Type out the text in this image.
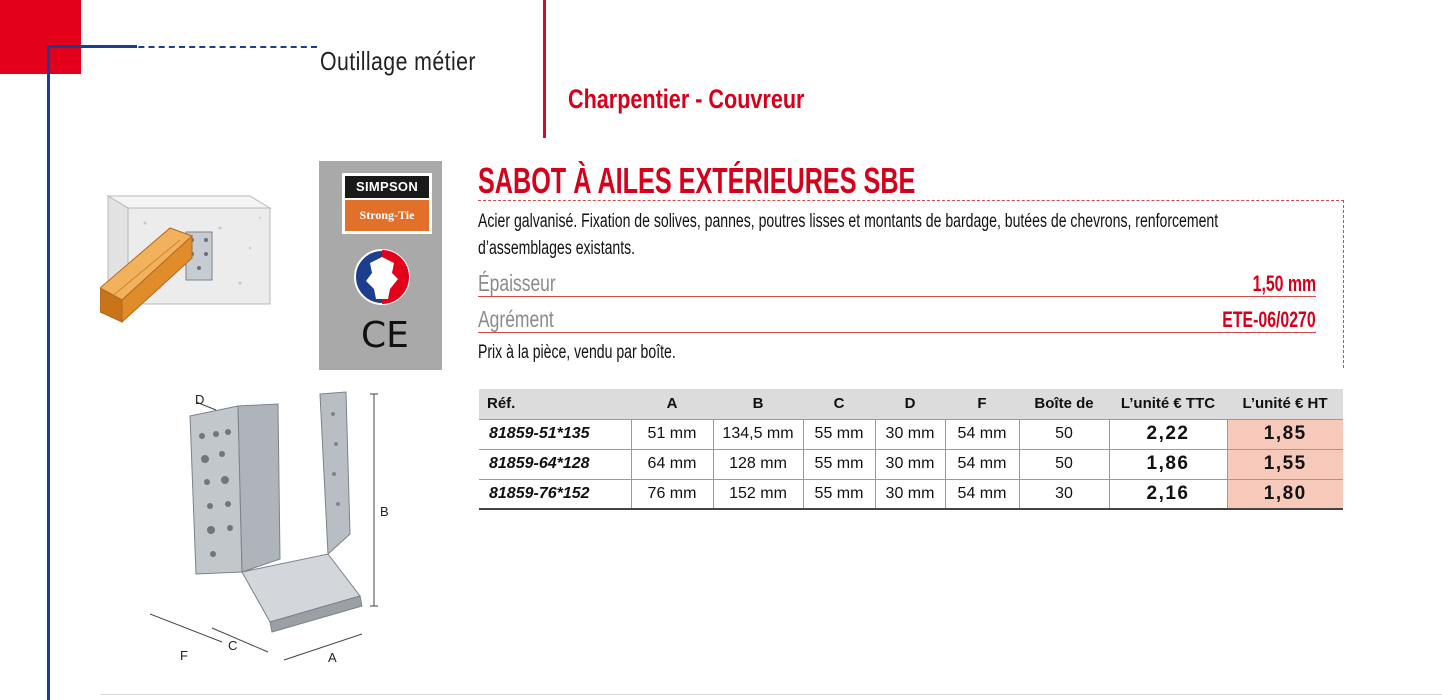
Outillage métier
Charpentier - Couvreur
D
B
F
C
A
SIMPSON
Strong-Tie
CE
SABOT À AILES EXTÉRIEURES SBE
Acier galvanisé. Fixation de solives, pannes, poutres lisses et montants de bardage, butées de chevrons, renforcement d’assemblages existants.
Épaisseur	1,50 mm
Agrément	ETE-06/0270
Prix à la pièce, vendu par boîte.
Réf.	A	B	C	D	F	Boîte de	L’unité € TTC	L’unité € HT
81859-51*135	51 mm	134,5 mm	55 mm	30 mm	54 mm	50	2,22	1,85
81859-64*128	64 mm	128 mm	55 mm	30 mm	54 mm	50	1,86	1,55
81859-76*152	76 mm	152 mm	55 mm	30 mm	54 mm	30	2,16	1,80
